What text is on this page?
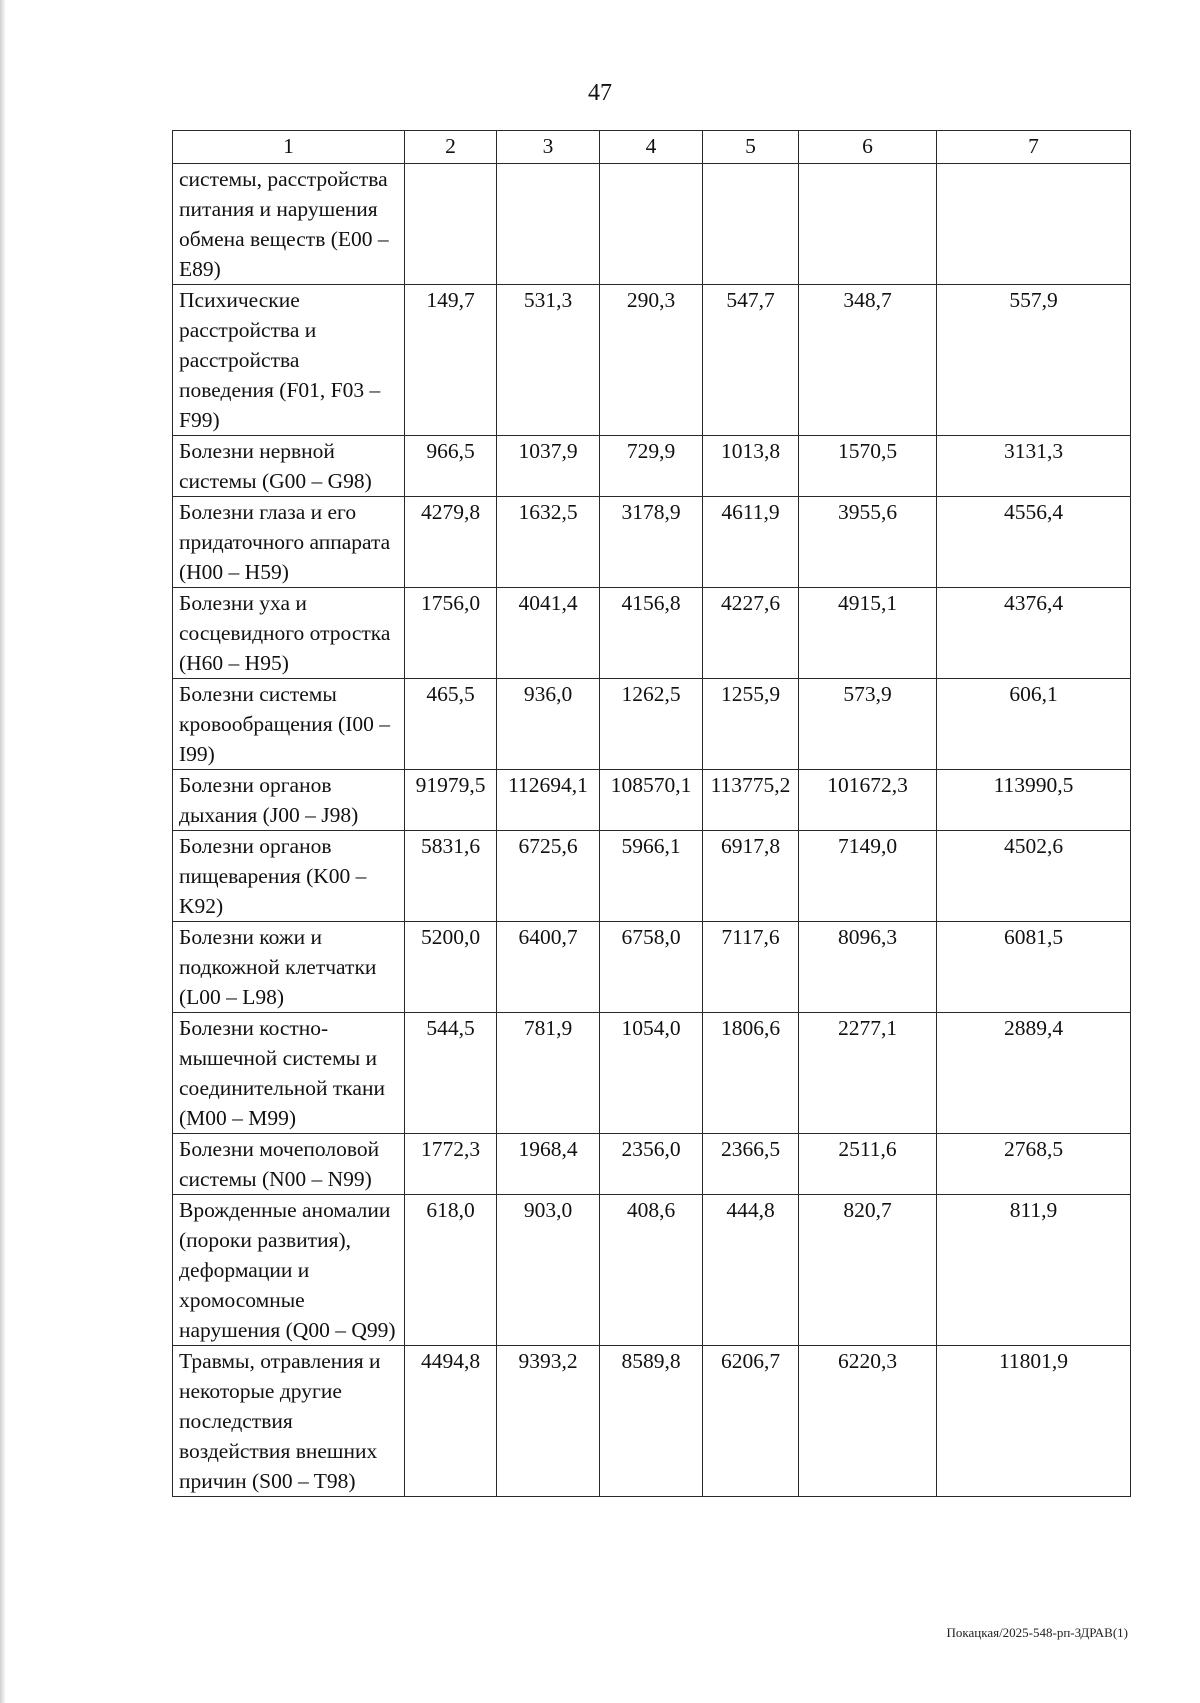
47
1	2	3	4	5	6	7
системы, расстройства питания и нарушения обмена веществ (E00 – E89)						
Психические расстройства и расстройства поведения (F01, F03 – F99)	149,7	531,3	290,3	547,7	348,7	557,9
Болезни нервной системы (G00 – G98)	966,5	1037,9	729,9	1013,8	1570,5	3131,3
Болезни глаза и его придаточного аппарата (H00 – H59)	4279,8	1632,5	3178,9	4611,9	3955,6	4556,4
Болезни уха и сосцевидного отростка (H60 – H95)	1756,0	4041,4	4156,8	4227,6	4915,1	4376,4
Болезни системы кровообращения (I00 – I99)	465,5	936,0	1262,5	1255,9	573,9	606,1
Болезни органов дыхания (J00 – J98)	91979,5	112694,1	108570,1	113775,2	101672,3	113990,5
Болезни органов пищеварения (K00 – K92)	5831,6	6725,6	5966,1	6917,8	7149,0	4502,6
Болезни кожи и подкожной клетчатки (L00 – L98)	5200,0	6400,7	6758,0	7117,6	8096,3	6081,5
Болезни костно-мышечной системы и соединительной ткани (M00 – M99)	544,5	781,9	1054,0	1806,6	2277,1	2889,4
Болезни мочеполовой системы (N00 – N99)	1772,3	1968,4	2356,0	2366,5	2511,6	2768,5
Врожденные аномалии (пороки развития), деформации и хромосомные нарушения (Q00 – Q99)	618,0	903,0	408,6	444,8	820,7	811,9
Травмы, отравления и некоторые другие последствия воздействия внешних причин (S00 – T98)	4494,8	9393,2	8589,8	6206,7	6220,3	11801,9
Покацкая/2025-548-рп-ЗДРАВ(1)
